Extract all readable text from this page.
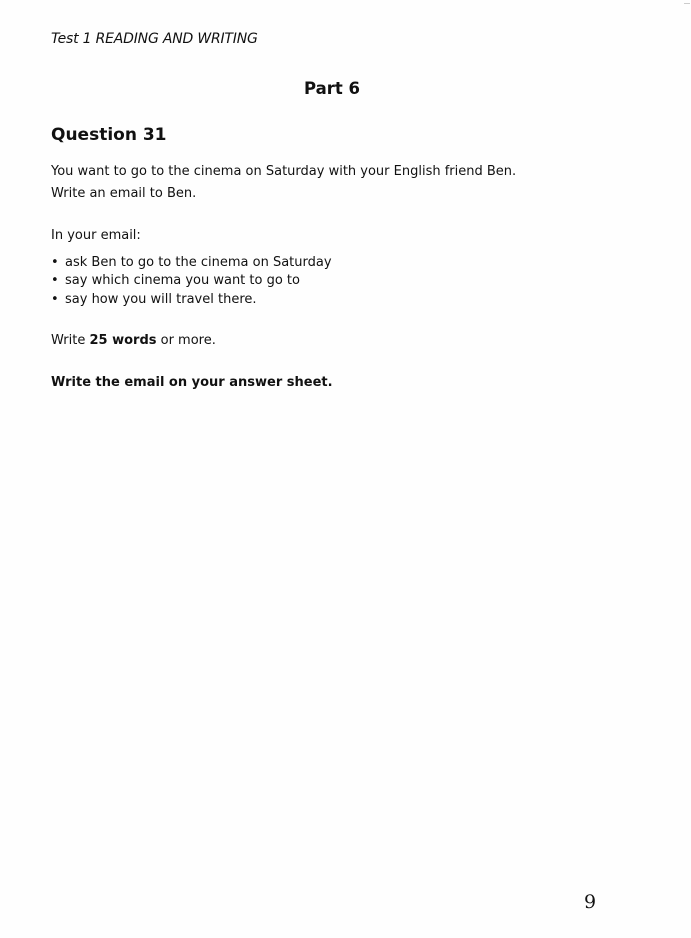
Test 1 READING AND WRITING
Part 6
Question 31
You want to go to the cinema on Saturday with your English friend Ben.
Write an email to Ben.
In your email:
• ask Ben to go to the cinema on Saturday
• say which cinema you want to go to
• say how you will travel there.
Write 25 words or more.
Write the email on your answer sheet.
9
